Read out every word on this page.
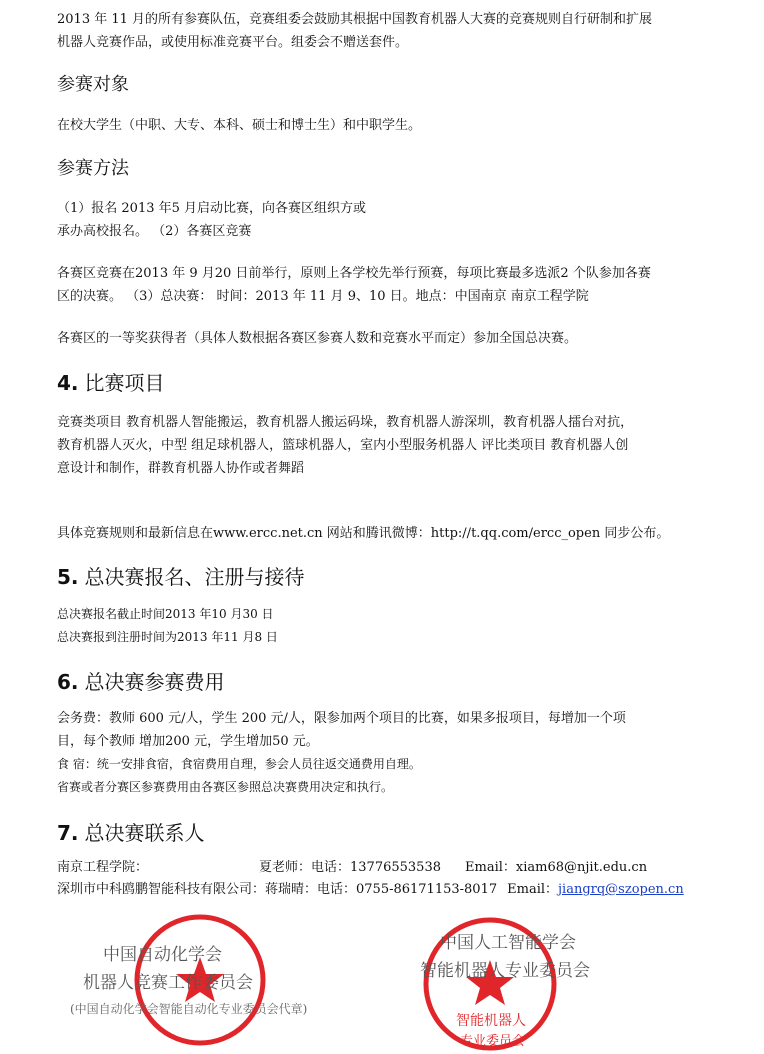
2013 年 11 月的所有参赛队伍，竞赛组委会鼓励其根据中国教育机器人大赛的竞赛规则自行研制和扩展
机器人竞赛作品，或使用标准竞赛平台。组委会不赠送套件。

参赛对象

在校大学生（中职、大专、本科、硕士和博士生）和中职学生。

参赛方法

（1）报名 2013 年5 月启动比赛，向各赛区组织方或
承办高校报名。 （2）各赛区竞赛

各赛区竞赛在2013 年 9 月20 日前举行，原则上各学校先举行预赛，每项比赛最多选派2 个队参加各赛
区的决赛。 （3）总决赛： 时间：2013 年 11 月 9、10 日。地点：中国南京 南京工程学院

各赛区的一等奖获得者（具体人数根据各赛区参赛人数和竞赛水平而定）参加全国总决赛。

4. 比赛项目

竞赛类项目 教育机器人智能搬运，教育机器人搬运码垛，教育机器人游深圳，教育机器人擂台对抗，
教育机器人灭火，中型 组足球机器人，篮球机器人，室内小型服务机器人 评比类项目 教育机器人创
意设计和制作，群教育机器人协作或者舞蹈

具体竞赛规则和最新信息在www.ercc.net.cn 网站和腾讯微博：http://t.qq.com/ercc_open 同步公布。

5. 总决赛报名、注册与接待

总决赛报名截止时间2013 年10 月30 日
总决赛报到注册时间为2013 年11 月8 日

6. 总决赛参赛费用

会务费：教师 600 元/人，学生 200 元/人，限参加两个项目的比赛，如果多报项目，每增加一个项
目，每个教师 增加200 元，学生增加50 元。
食 宿：统一安排食宿，食宿费用自理，参会人员往返交通费用自理。
省赛或者分赛区参赛费用由各赛区参照总决赛费用决定和执行。

7. 总决赛联系人
南京工程学院：	夏老师：电话：13776553538 Email：xiam68@njit.edu.cn
深圳市中科鸥鹏智能科技有限公司：蒋瑞晴：电话：0755-86171153-8017 Email：jiangrq@szopen.cn
中国自动化学会
机器人竞赛工作委员会
(中国自动化学会智能自动化专业委员会代章)
中国人工智能学会
智能机器人专业委员会
智能机器人
专业委员会
